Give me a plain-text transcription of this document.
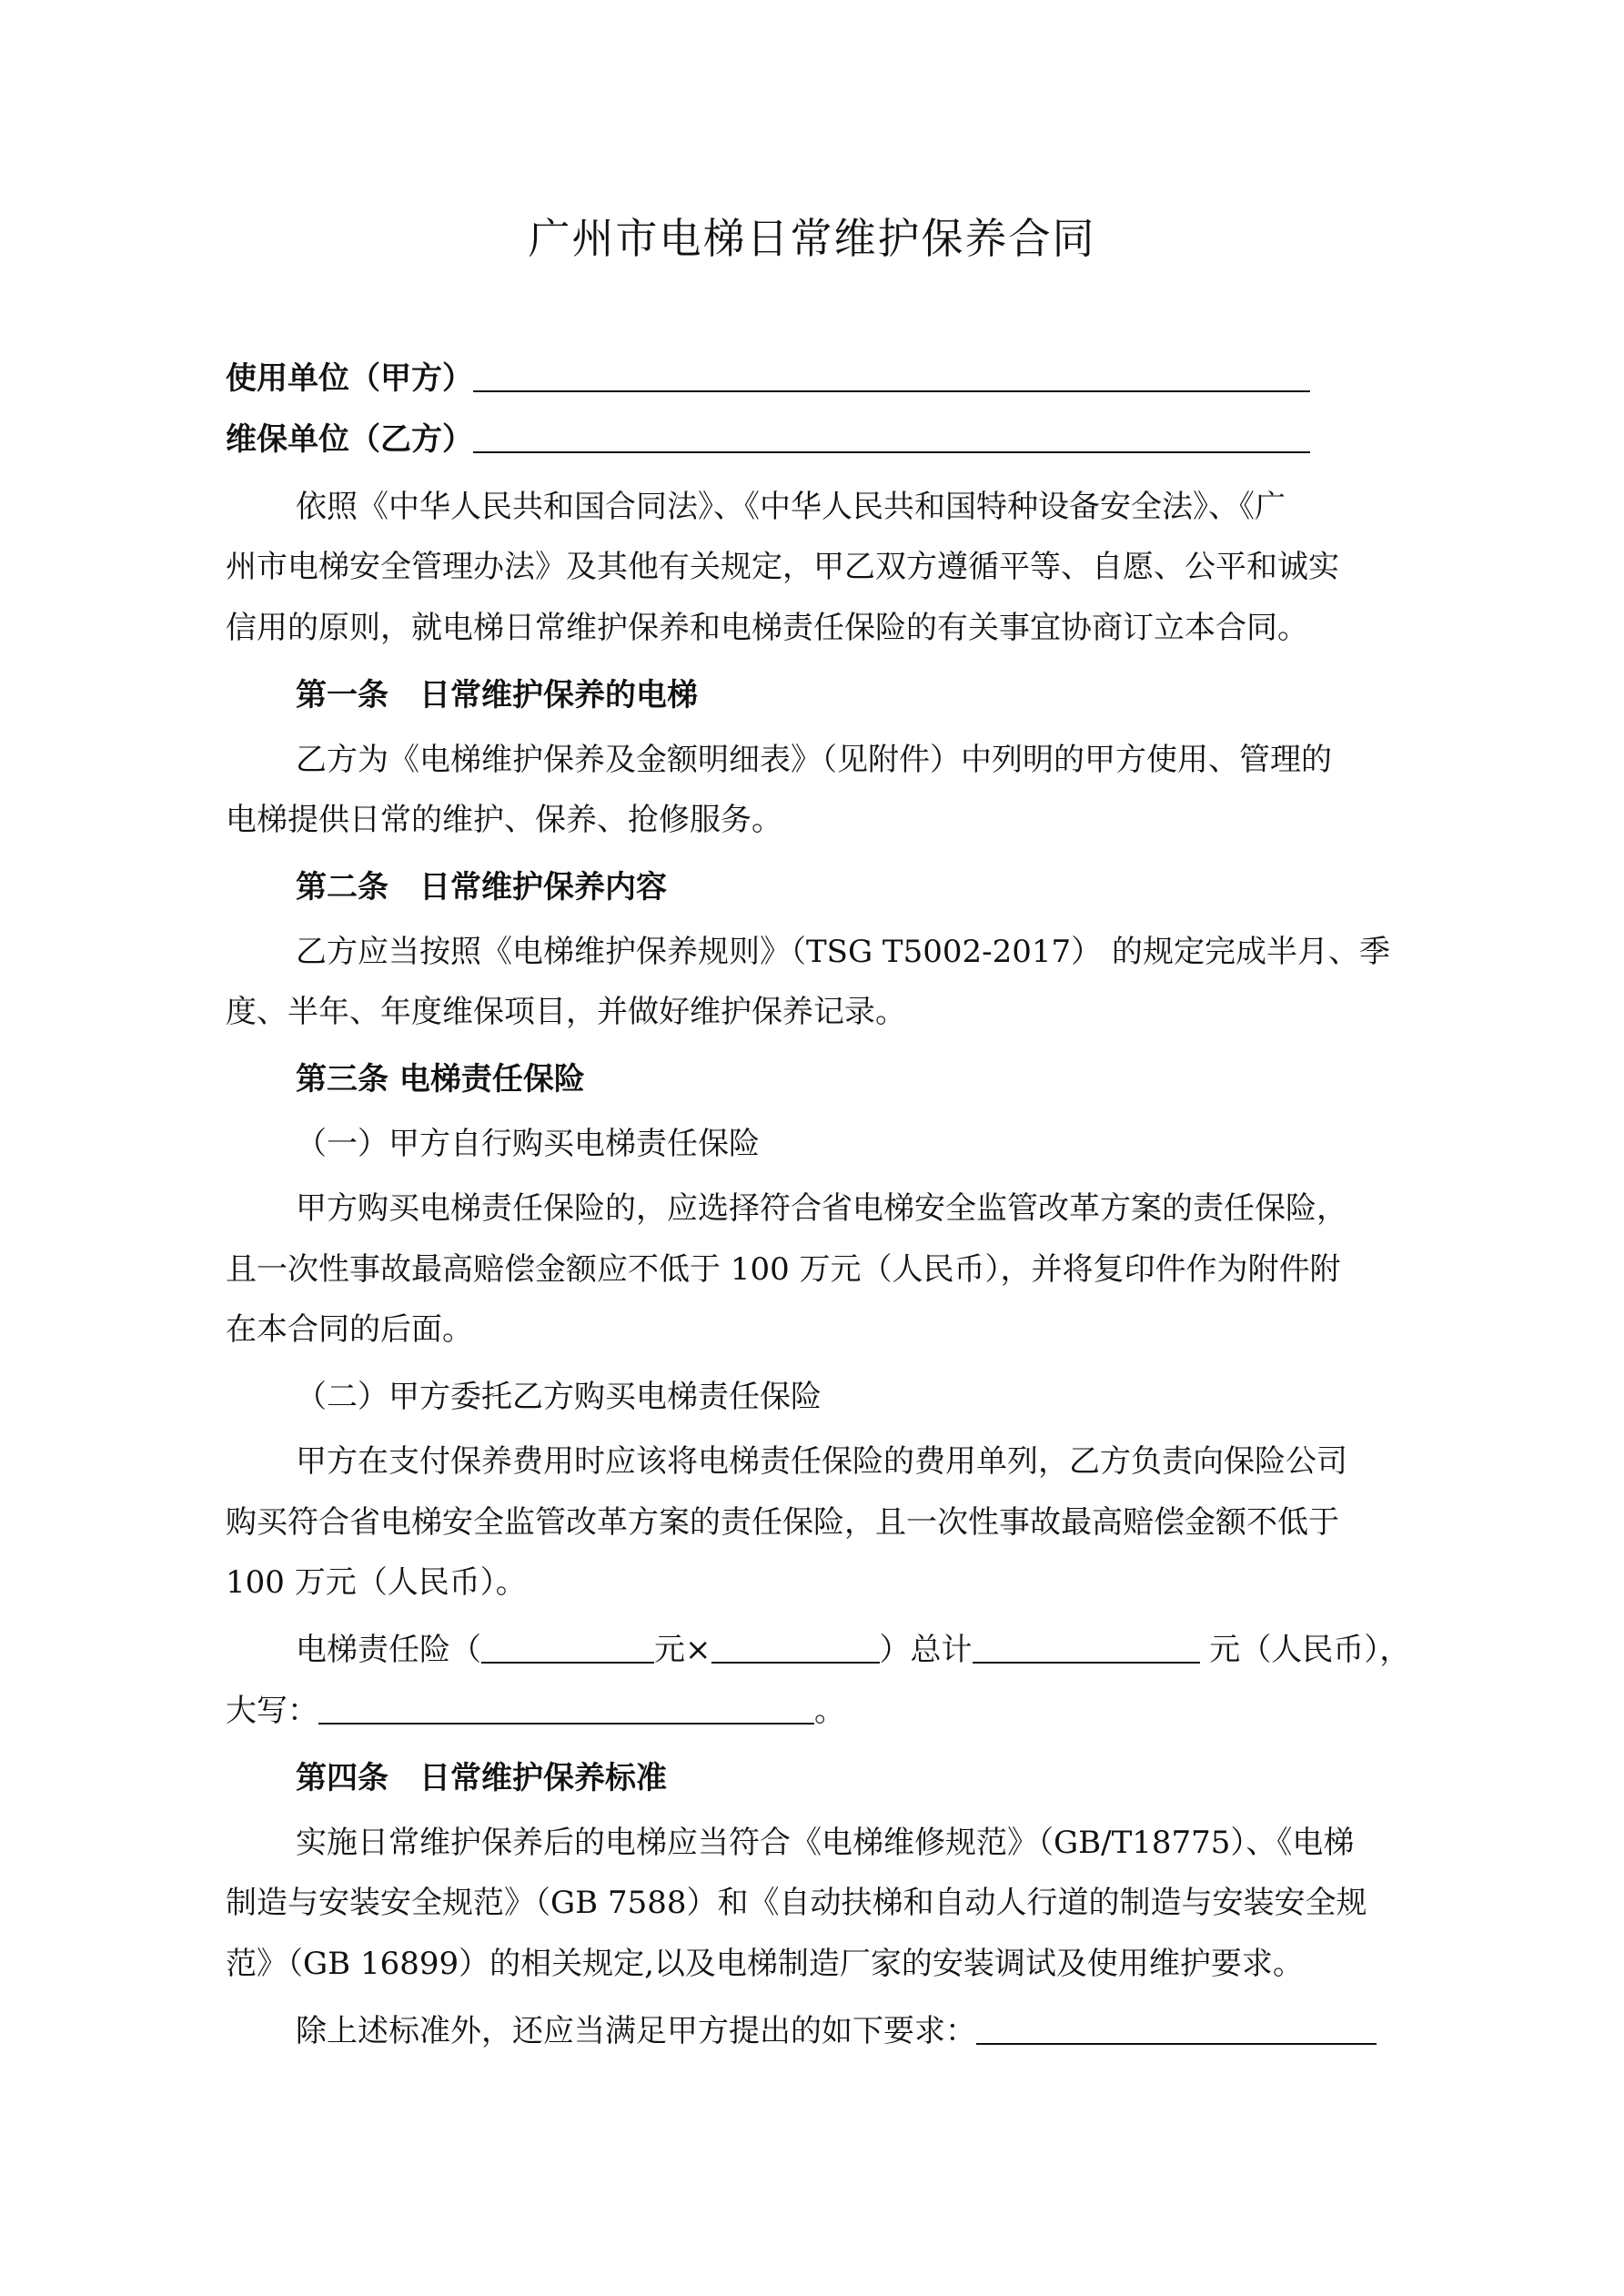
广州市电梯日常维护保养合同
使用单位（甲方）
维保单位（乙方）
依照《中华人民共和国合同法》、《中华人民共和国特种设备安全法》、《广
州市电梯安全管理办法》及其他有关规定，甲乙双方遵循平等、自愿、公平和诚实
信用的原则，就电梯日常维护保养和电梯责任保险的有关事宜协商订立本合同。
第一条　日常维护保养的电梯
乙方为《电梯维护保养及金额明细表》（见附件）中列明的甲方使用、管理的
电梯提供日常的维护、保养、抢修服务。
第二条　日常维护保养内容
乙方应当按照《电梯维护保养规则》（TSG T5002-2017） 的规定完成半月、季
度、半年、年度维保项目，并做好维护保养记录。
第三条 电梯责任保险
（一）甲方自行购买电梯责任保险
甲方购买电梯责任保险的，应选择符合省电梯安全监管改革方案的责任保险，
且一次性事故最高赔偿金额应不低于 100 万元（人民币），并将复印件作为附件附
在本合同的后面。
（二）甲方委托乙方购买电梯责任保险
甲方在支付保养费用时应该将电梯责任保险的费用单列，乙方负责向保险公司
购买符合省电梯安全监管改革方案的责任保险，且一次性事故最高赔偿金额不低于
100 万元（人民币）。
电梯责任险（	元×	）总计	元（人民币），
大写：	。
第四条　日常维护保养标准
实施日常维护保养后的电梯应当符合《电梯维修规范》（GB/T18775）、《电梯
制造与安装安全规范》（GB 7588）和《自动扶梯和自动人行道的制造与安装安全规
范》（GB 16899）的相关规定,以及电梯制造厂家的安装调试及使用维护要求。
除上述标准外，还应当满足甲方提出的如下要求：
